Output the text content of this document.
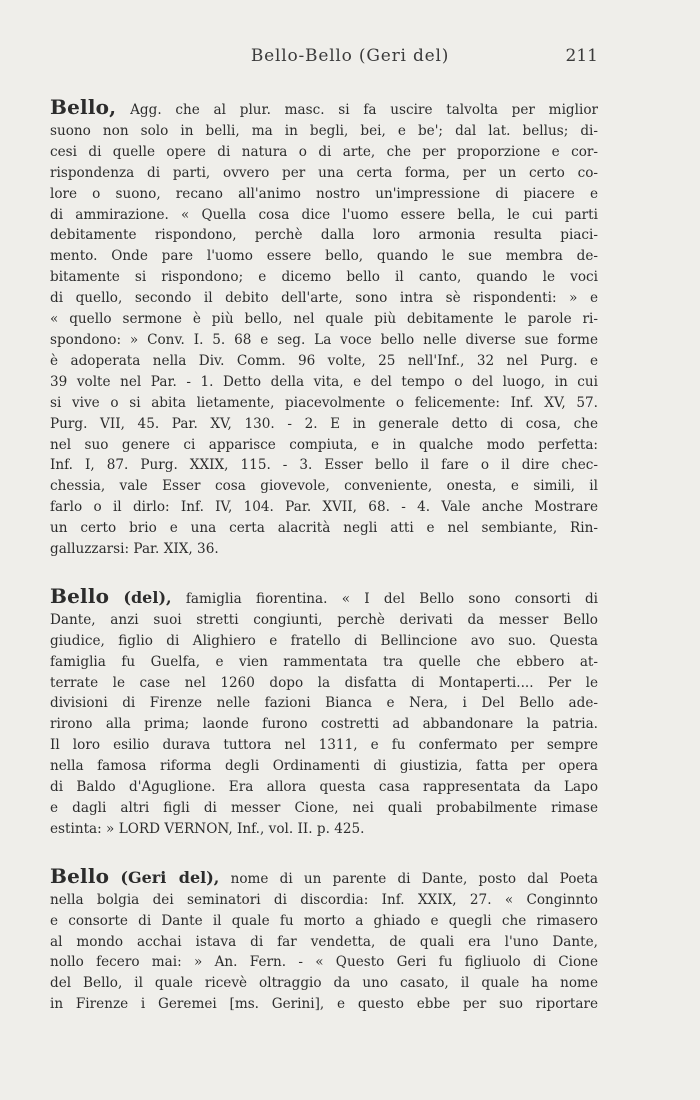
Bello-Bello (Geri del)	211
Bello, Agg. che al plur. masc. si fa uscire talvolta per miglior
suono non solo in belli, ma in begli, bei, e be'; dal lat. bellus; di-
cesi di quelle opere di natura o di arte, che per proporzione e cor-
rispondenza di parti, ovvero per una certa forma, per un certo co-
lore o suono, recano all'animo nostro un'impressione di piacere e
di ammirazione. « Quella cosa dice l'uomo essere bella, le cui parti
debitamente rispondono, perchè dalla loro armonia resulta piaci-
mento. Onde pare l'uomo essere bello, quando le sue membra de-
bitamente si rispondono; e dicemo bello il canto, quando le voci
di quello, secondo il debito dell'arte, sono intra sè rispondenti: » e
« quello sermone è più bello, nel quale più debitamente le parole ri-
spondono: » Conv. I. 5. 68 e seg. La voce bello nelle diverse sue forme
è adoperata nella Div. Comm. 96 volte, 25 nell'Inf., 32 nel Purg. e
39 volte nel Par. - 1. Detto della vita, e del tempo o del luogo, in cui
si vive o si abita lietamente, piacevolmente o felicemente: Inf. XV, 57.
Purg. VII, 45. Par. XV, 130. - 2. E in generale detto di cosa, che
nel suo genere ci apparisce compiuta, e in qualche modo perfetta:
Inf. I, 87. Purg. XXIX, 115. - 3. Esser bello il fare o il dire chec-
chessia, vale Esser cosa giovevole, conveniente, onesta, e simili, il
farlo o il dirlo: Inf. IV, 104. Par. XVII, 68. - 4. Vale anche Mostrare
un certo brio e una certa alacrità negli atti e nel sembiante, Rin-
galluzzarsi: Par. XIX, 36.
Bello (del), famiglia fiorentina. « I del Bello sono consorti di
Dante, anzi suoi stretti congiunti, perchè derivati da messer Bello
giudice, figlio di Alighiero e fratello di Bellincione avo suo. Questa
famiglia fu Guelfa, e vien rammentata tra quelle che ebbero at-
terrate le case nel 1260 dopo la disfatta di Montaperti.... Per le
divisioni di Firenze nelle fazioni Bianca e Nera, i Del Bello ade-
rirono alla prima; laonde furono costretti ad abbandonare la patria.
Il loro esilio durava tuttora nel 1311, e fu confermato per sempre
nella famosa riforma degli Ordinamenti di giustizia, fatta per opera
di Baldo d'Aguglione. Era allora questa casa rappresentata da Lapo
e dagli altri figli di messer Cione, nei quali probabilmente rimase
estinta: » LORD VERNON, Inf., vol. II. p. 425.
Bello (Geri del), nome di un parente di Dante, posto dal Poeta
nella bolgia dei seminatori di discordia: Inf. XXIX, 27. « Conginnto
e consorte di Dante il quale fu morto a ghiado e quegli che rimasero
al mondo acchai istava di far vendetta, de quali era l'uno Dante,
nollo fecero mai: » An. Fern. - « Questo Geri fu figliuolo di Cione
del Bello, il quale ricevè oltraggio da uno casato, il quale ha nome
in Firenze i Geremei [ms. Gerini], e questo ebbe per suo riportare
